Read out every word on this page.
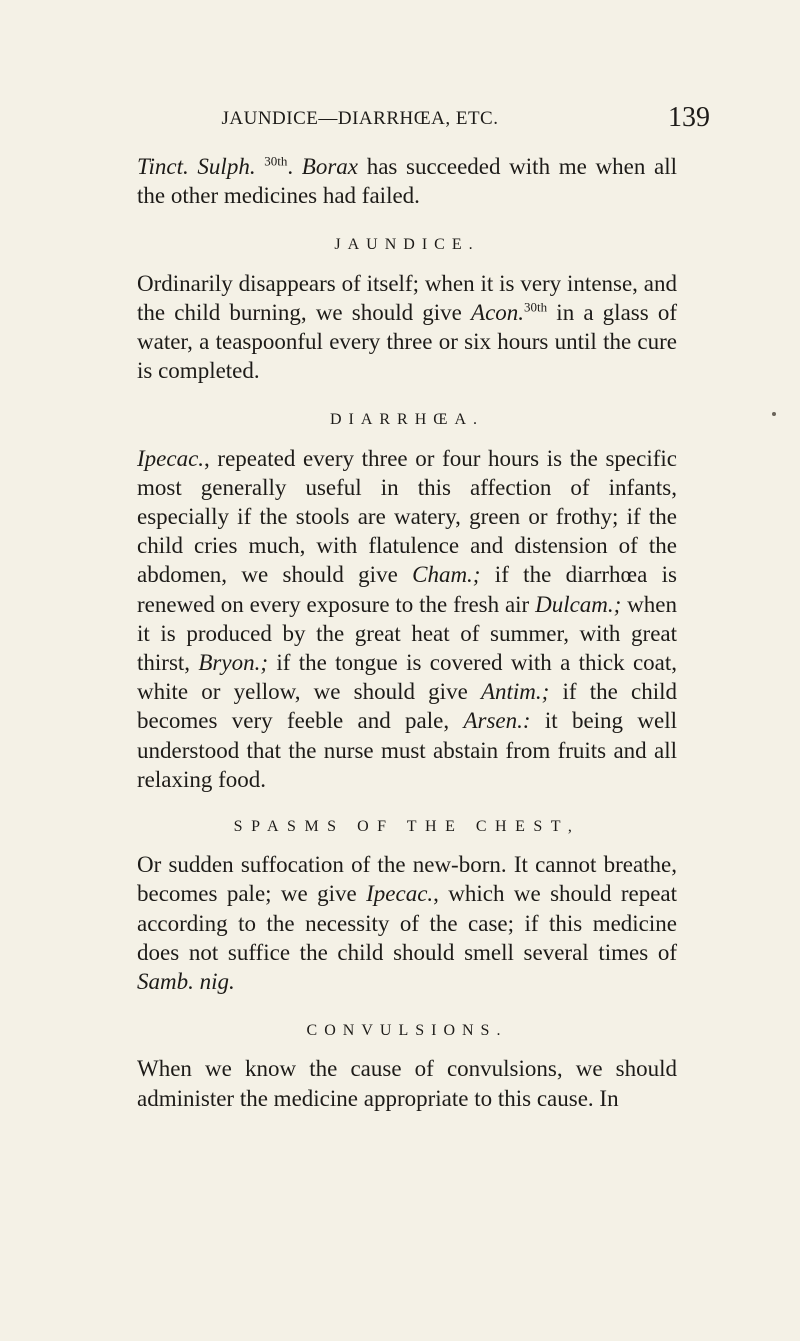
JAUNDICE—DIARRHŒA, ETC.	139

Tinct. Sulph. $^{30th}$. Borax has succeeded with me when all the other medicines had failed.

JAUNDICE.

Ordinarily disappears of itself; when it is very intense, and the child burning, we should give Acon.$^{30th}$ in a glass of water, a teaspoonful every three or six hours until the cure is completed.

DIARRHŒA.

Ipecac., repeated every three or four hours is the specific most generally useful in this affection of infants, especially if the stools are watery, green or frothy; if the child cries much, with flatulence and distension of the abdomen, we should give Cham.; if the diarrhœa is renewed on every exposure to the fresh air Dulcam.; when it is produced by the great heat of summer, with great thirst, Bryon.; if the tongue is covered with a thick coat, white or yellow, we should give Antim.; if the child becomes very feeble and pale, Arsen.: it being well understood that the nurse must abstain from fruits and all relaxing food.

SPASMS OF THE CHEST,

Or sudden suffocation of the new-born. It cannot breathe, becomes pale; we give Ipecac., which we should repeat according to the necessity of the case; if this medicine does not suffice the child should smell several times of Samb. nig.

CONVULSIONS.

When we know the cause of convulsions, we should administer the medicine appropriate to this cause. In
